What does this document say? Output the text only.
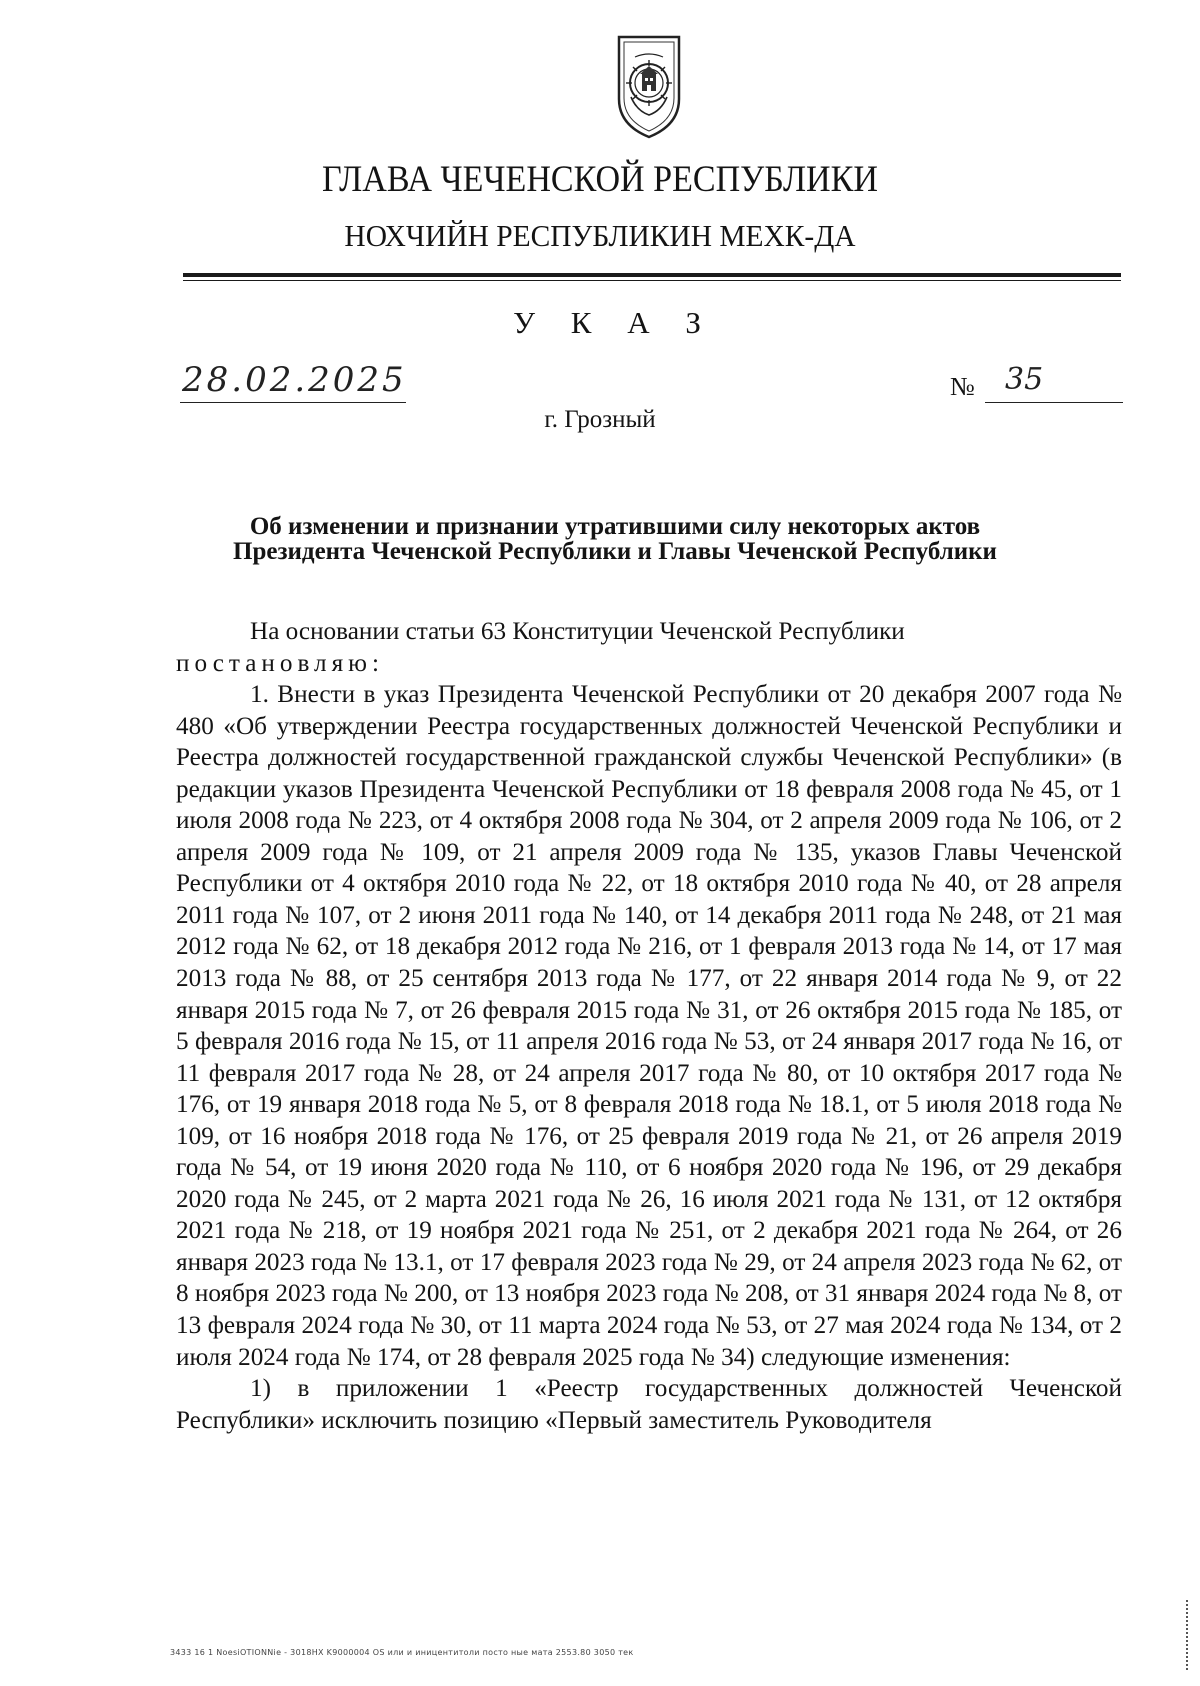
ГЛАВА ЧЕЧЕНСКОЙ РЕСПУБЛИКИ
НОХЧИЙН РЕСПУБЛИКИН МЕХК-ДА
У К А З
28.02.2025	№ 35
г. Грозный
Об изменении и признании утратившими силу некоторых актов
Президента Чеченской Республики и Главы Чеченской Республики

На основании статьи 63 Конституции Чеченской Республики

постановляю:

1. Внести в указ Президента Чеченской Республики от 20 декабря 2007 года № 480 «Об утверждении Реестра государственных должностей Чеченской Республики и Реестра должностей государственной гражданской службы Чеченской Республики» (в редакции указов Президента Чеченской Республики от 18 февраля 2008 года № 45, от 1 июля 2008 года № 223, от 4 октября 2008 года № 304, от 2 апреля 2009 года № 106, от 2 апреля 2009 года № 109, от 21 апреля 2009 года № 135, указов Главы Чеченской Республики от 4 октября 2010 года № 22, от 18 октября 2010 года № 40, от 28 апреля 2011 года № 107, от 2 июня 2011 года № 140, от 14 декабря 2011 года № 248, от 21 мая 2012 года № 62, от 18 декабря 2012 года № 216, от 1 февраля 2013 года № 14, от 17 мая 2013 года № 88, от 25 сентября 2013 года № 177, от 22 января 2014 года № 9, от 22 января 2015 года № 7, от 26 февраля 2015 года № 31, от 26 октября 2015 года № 185, от 5 февраля 2016 года № 15, от 11 апреля 2016 года № 53, от 24 января 2017 года № 16, от 11 февраля 2017 года № 28, от 24 апреля 2017 года № 80, от 10 октября 2017 года № 176, от 19 января 2018 года № 5, от 8 февраля 2018 года № 18.1, от 5 июля 2018 года № 109, от 16 ноября 2018 года № 176, от 25 февраля 2019 года № 21, от 26 апреля 2019 года № 54, от 19 июня 2020 года № 110, от 6 ноября 2020 года № 196, от 29 декабря 2020 года № 245, от 2 марта 2021 года № 26, 16 июля 2021 года № 131, от 12 октября 2021 года № 218, от 19 ноября 2021 года № 251, от 2 декабря 2021 года № 264, от 26 января 2023 года № 13.1, от 17 февраля 2023 года № 29, от 24 апреля 2023 года № 62, от 8 ноября 2023 года № 200, от 13 ноября 2023 года № 208, от 31 января 2024 года № 8, от 13 февраля 2024 года № 30, от 11 марта 2024 года № 53, от 27 мая 2024 года № 134, от 2 июля 2024 года № 174, от 28 февраля 2025 года № 34) следующие изменения:

1) в приложении 1 «Реестр государственных должностей Чеченской Республики» исключить позицию «Первый заместитель Руководителя

3433 16 1 NoesiOTIONNie - 3018HX K9000004 OS или и иницентитоли посто ные мата 2553.80 3050 тек
